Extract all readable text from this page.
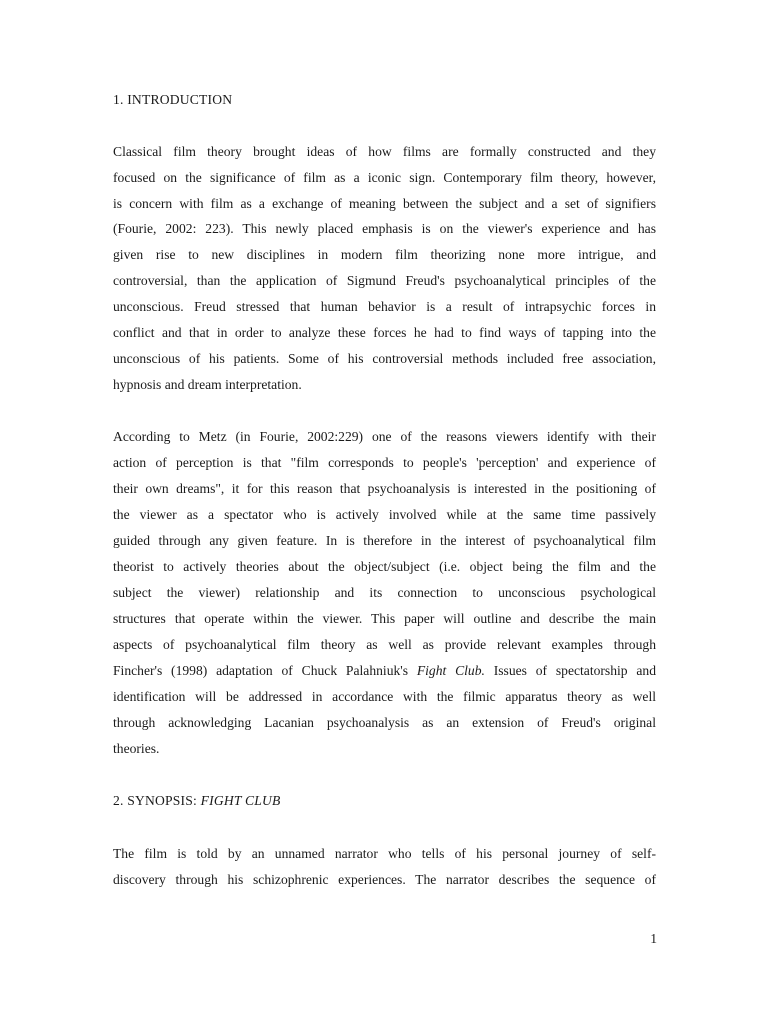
1. INTRODUCTION
Classical film theory brought ideas of how films are formally constructed and they
focused on the significance of film as a iconic sign. Contemporary film theory, however,
is concern with film as a exchange of meaning between the subject and a set of signifiers
(Fourie, 2002: 223). This newly placed emphasis is on the viewer's experience and has
given rise to new disciplines in modern film theorizing none more intrigue, and
controversial, than the application of Sigmund Freud's psychoanalytical principles of the
unconscious. Freud stressed that human behavior is a result of intrapsychic forces in
conflict and that in order to analyze these forces he had to find ways of tapping into the
unconscious of his patients. Some of his controversial methods included free association,
hypnosis and dream interpretation.
According to Metz (in Fourie, 2002:229) one of the reasons viewers identify with their
action of perception is that "film corresponds to people's 'perception' and experience of
their own dreams", it for this reason that psychoanalysis is interested in the positioning of
the viewer as a spectator who is actively involved while at the same time passively
guided through any given feature. In is therefore in the interest of psychoanalytical film
theorist to actively theories about the object/subject (i.e. object being the film and the
subject the viewer) relationship and its connection to unconscious psychological
structures that operate within the viewer. This paper will outline and describe the main
aspects of psychoanalytical film theory as well as provide relevant examples through
Fincher's (1998) adaptation of Chuck Palahniuk's Fight Club. Issues of spectatorship and
identification will be addressed in accordance with the filmic apparatus theory as well
through acknowledging Lacanian psychoanalysis as an extension of Freud's original
theories.
2. SYNOPSIS: FIGHT CLUB
The film is told by an unnamed narrator who tells of his personal journey of self-
discovery through his schizophrenic experiences. The narrator describes the sequence of
1
